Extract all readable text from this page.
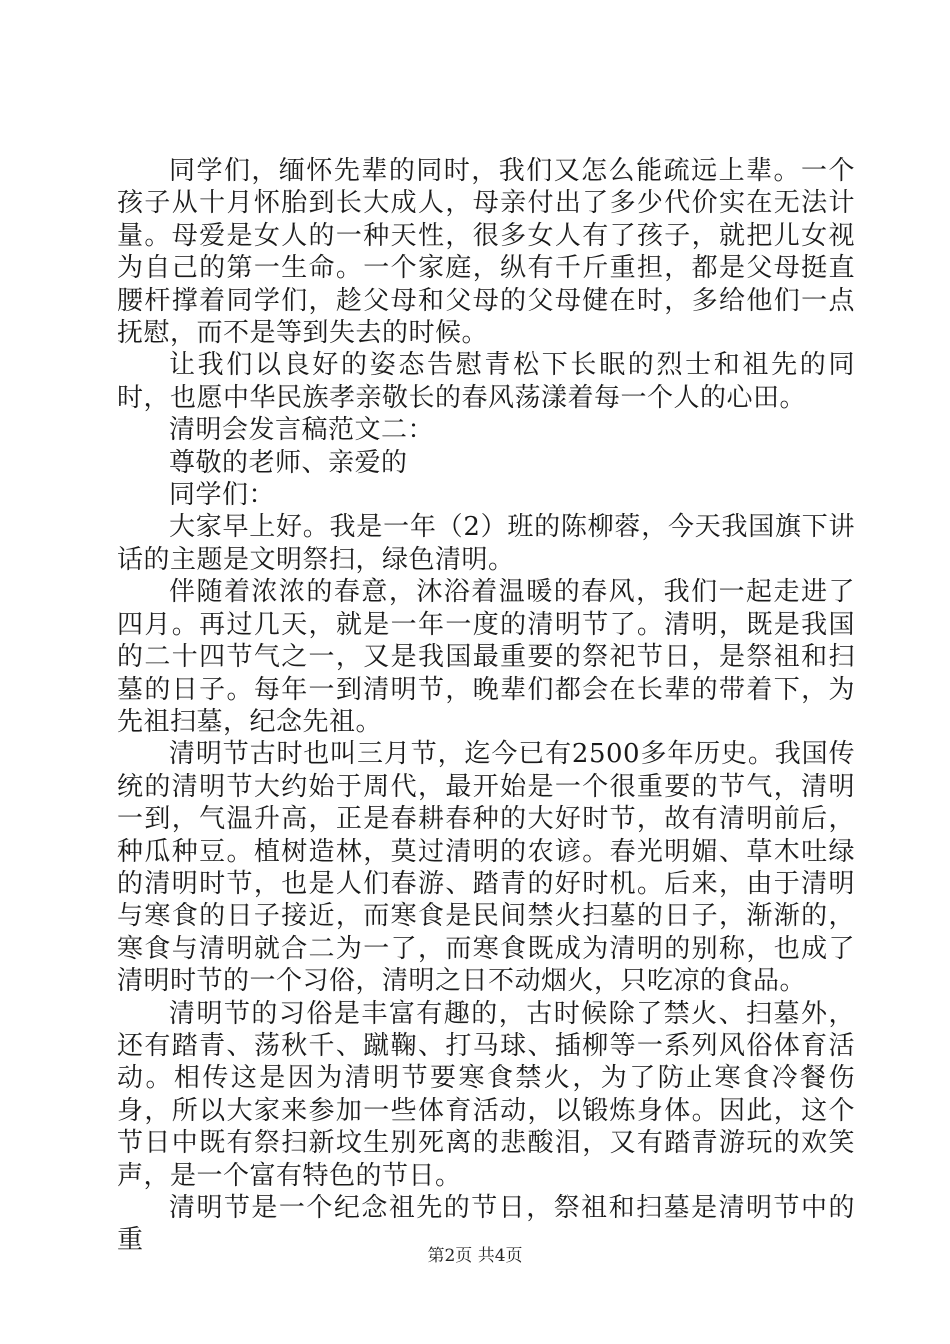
同学们，缅怀先辈的同时，我们又怎么能疏远上辈。一个孩子从十月怀胎到长大成人，母亲付出了多少代价实在无法计量。母爱是女人的一种天性，很多女人有了孩子，就把儿女视为自己的第一生命。一个家庭，纵有千斤重担，都是父母挺直腰杆撑着同学们，趁父母和父母的父母健在时，多给他们一点抚慰，而不是等到失去的时候。

让我们以良好的姿态告慰青松下长眠的烈士和祖先的同时，也愿中华民族孝亲敬长的春风荡漾着每一个人的心田。

清明会发言稿范文二：

尊敬的老师、亲爱的

同学们：

大家早上好。我是一年（2）班的陈柳蓉，今天我国旗下讲话的主题是文明祭扫，绿色清明。

伴随着浓浓的春意，沐浴着温暖的春风，我们一起走进了四月。再过几天，就是一年一度的清明节了。清明，既是我国的二十四节气之一，又是我国最重要的祭祀节日，是祭祖和扫墓的日子。每年一到清明节，晚辈们都会在长辈的带着下，为先祖扫墓，纪念先祖。

清明节古时也叫三月节，迄今已有2500多年历史。我国传统的清明节大约始于周代，最开始是一个很重要的节气，清明一到，气温升高，正是春耕春种的大好时节，故有清明前后，种瓜种豆。植树造林，莫过清明的农谚。春光明媚、草木吐绿的清明时节，也是人们春游、踏青的好时机。后来，由于清明与寒食的日子接近，而寒食是民间禁火扫墓的日子，渐渐的，寒食与清明就合二为一了，而寒食既成为清明的别称，也成了清明时节的一个习俗，清明之日不动烟火，只吃凉的食品。

清明节的习俗是丰富有趣的，古时候除了禁火、扫墓外，还有踏青、荡秋千、蹴鞠、打马球、插柳等一系列风俗体育活动。相传这是因为清明节要寒食禁火，为了防止寒食冷餐伤身，所以大家来参加一些体育活动，以锻炼身体。因此，这个节日中既有祭扫新坟生别死离的悲酸泪，又有踏青游玩的欢笑声，是一个富有特色的节日。

清明节是一个纪念祖先的节日，祭祖和扫墓是清明节中的重

第2页 共4页
